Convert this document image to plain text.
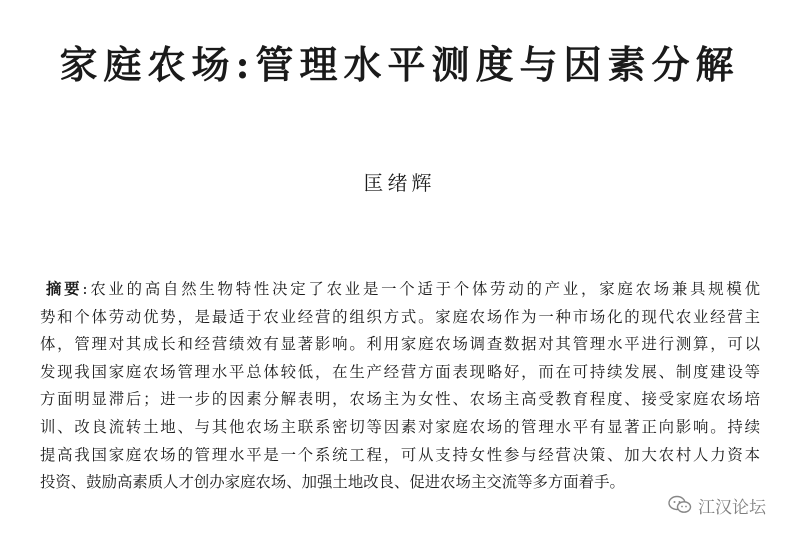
家庭农场:管理水平测度与因素分解
匡绪辉
摘要:农业的高自然生物特性决定了农业是一个适于个体劳动的产业，家庭农场兼具规模优
势和个体劳动优势，是最适于农业经营的组织方式。家庭农场作为一种市场化的现代农业经营主
体，管理对其成长和经营绩效有显著影响。利用家庭农场调查数据对其管理水平进行测算，可以
发现我国家庭农场管理水平总体较低，在生产经营方面表现略好，而在可持续发展、制度建设等
方面明显滞后；进一步的因素分解表明，农场主为女性、农场主高受教育程度、接受家庭农场培
训、改良流转土地、与其他农场主联系密切等因素对家庭农场的管理水平有显著正向影响。持续
提高我国家庭农场的管理水平是一个系统工程，可从支持女性参与经营决策、加大农村人力资本
投资、鼓励高素质人才创办家庭农场、加强土地改良、促进农场主交流等多方面着手。
江汉论坛
